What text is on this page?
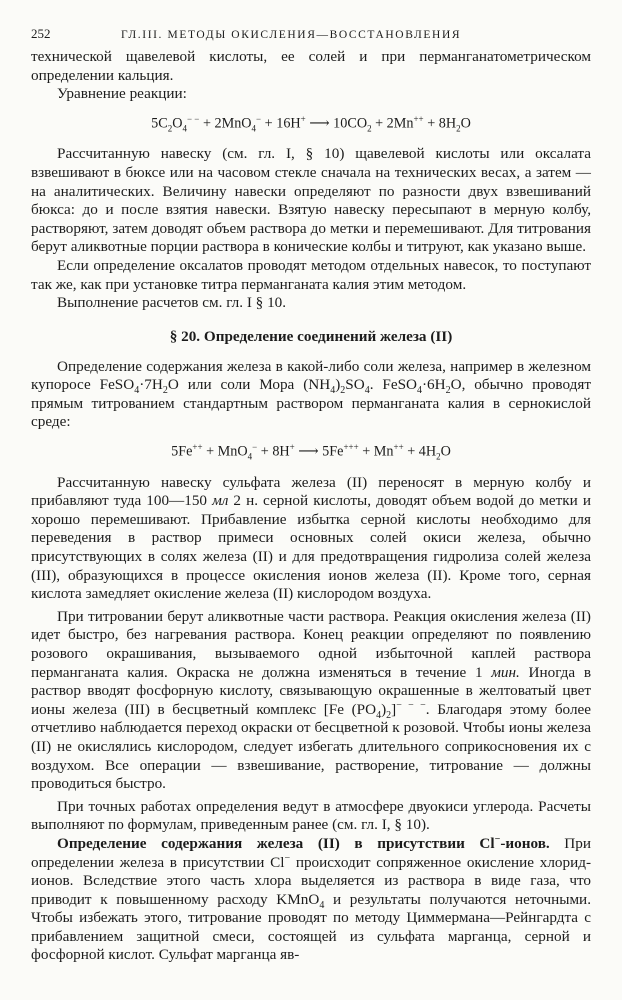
252	ГЛ.III. МЕТОДЫ ОКИСЛЕНИЯ—ВОССТАНОВЛЕНИЯ

технической щавелевой кислоты, ее солей и при перманганатометрическом определении кальция.

Уравнение реакции:

$5C_2O_4^{- -} + 2MnO_4^- + 16H^+$ ⟶ $10CO_2 + 2Mn^{++} + 8H_2O$

Рассчитанную навеску (см. гл. I, § 10) щавелевой кислоты или оксалата взвешивают в бюксе или на часовом стекле сначала на технических весах, а затем — на аналитических. Величину навески определяют по разности двух взвешиваний бюкса: до и после взятия навески. Взятую навеску пересыпают в мерную колбу, растворяют, затем доводят объем раствора до метки и перемешивают. Для титрования берут аликвотные порции раствора в конические колбы и титруют, как указано выше.

Если определение оксалатов проводят методом отдельных навесок, то поступают так же, как при установке титра перманганата калия этим методом.

Выполнение расчетов см. гл. I § 10.

§ 20. Определение соединений железа (II)

Определение содержания железа в какой-либо соли железа, например в железном купоросе $FeSO_4\cdot 7H_2O$ или соли Мора $(NH_4)_2SO_4$. $FeSO_4\cdot 6H_2O$, обычно проводят прямым титрованием стандартным раствором перманганата калия в сернокислой среде:

5Fe++ + MnO$_4$− + 8H+ ⟶ $5Fe^{+++} + Mn^{++} + 4H_2O$

Рассчитанную навеску сульфата железа (II) переносят в мерную колбу и прибавляют туда 100—150 мл 2 н. серной кислоты, доводят объем водой до метки и хорошо перемешивают. Прибавление избытка серной кислоты необходимо для переведения в раствор примеси основных солей окиси железа, обычно присутствующих в солях железа (II) и для предотвращения гидролиза солей железа (III), образующихся в процессе окисления ионов железа (II). Кроме того, серная кислота замедляет окисление железа (II) кислородом воздуха.

При титровании берут аликвотные части раствора. Реакция окисления железа (II) идет быстро, без нагревания раствора. Конец реакции определяют по появлению розового окрашивания, вызываемого одной избыточной каплей раствора перманганата калия. Окраска не должна изменяться в течение 1 мин. Иногда в раствор вводят фосфорную кислоту, связывающую окрашенные в желтоватый цвет ионы железа (III) в бесцветный комплекс [Fe $(PO_4)_2]^{- - -}$. Благодаря этому более отчетливо наблюдается переход окраски от бесцветной к розовой. Чтобы ионы железа (II) не окислялись кислородом, следует избегать длительного соприкосновения их с воздухом. Все операции — взвешивание, растворение, титрование — должны проводиться быстро.

При точных работах определения ведут в атмосфере двуокиси углерода. Расчеты выполняют по формулам, приведенным ранее (см. гл. I, § 10).

Определение содержания железа (II) в присутствии Cl−-ионов. При определении железа в присутствии Cl− происходит сопряженное окисление хлорид-ионов. Вследствие этого часть хлора выделяется из раствора в виде газа, что приводит к повышенному расходу KMnO$_4$ и результаты получаются неточными. Чтобы избежать этого, титрование проводят по методу Циммермана—Рейнгардта с прибавлением защитной смеси, состоящей из сульфата марганца, серной и фосфорной кислот. Сульфат марганца яв-
